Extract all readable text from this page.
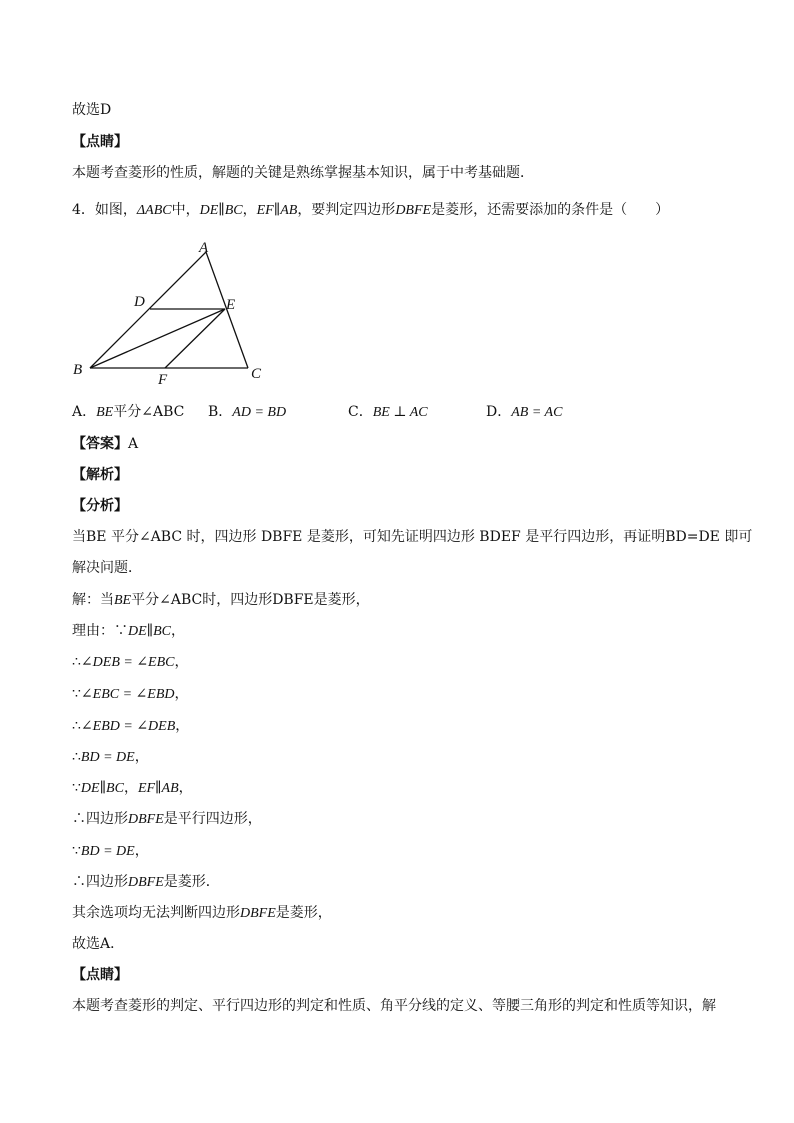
故选D
【点睛】
本题考查菱形的性质，解题的关键是熟练掌握基本知识，属于中考基础题．
4．如图，ΔABC中，DE∥BC，EF∥AB，要判定四边形DBFE是菱形，还需要添加的条件是（　　）
A
D	E
B
F	C
A．BE平分∠ABC B．AD = BD	C．BE ⊥ AC	D．AB = AC
【答案】A
【解析】
【分析】
当BE 平分∠ABC 时，四边形 DBFE 是菱形，可知先证明四边形 BDEF 是平行四边形，再证明BD=DE 即可
解决问题．
解：当BE平分∠ABC时，四边形DBFE是菱形，
理由：∵DE∥BC，
∴∠DEB = ∠EBC，
∵∠EBC = ∠EBD，
∴∠EBD = ∠DEB，
∴BD = DE，
∵DE∥BC，EF∥AB，
∴四边形DBFE是平行四边形，
∵BD = DE，
∴四边形DBFE是菱形．
其余选项均无法判断四边形DBFE是菱形，
故选A．
【点睛】
本题考查菱形的判定、平行四边形的判定和性质、角平分线的定义、等腰三角形的判定和性质等知识，解
